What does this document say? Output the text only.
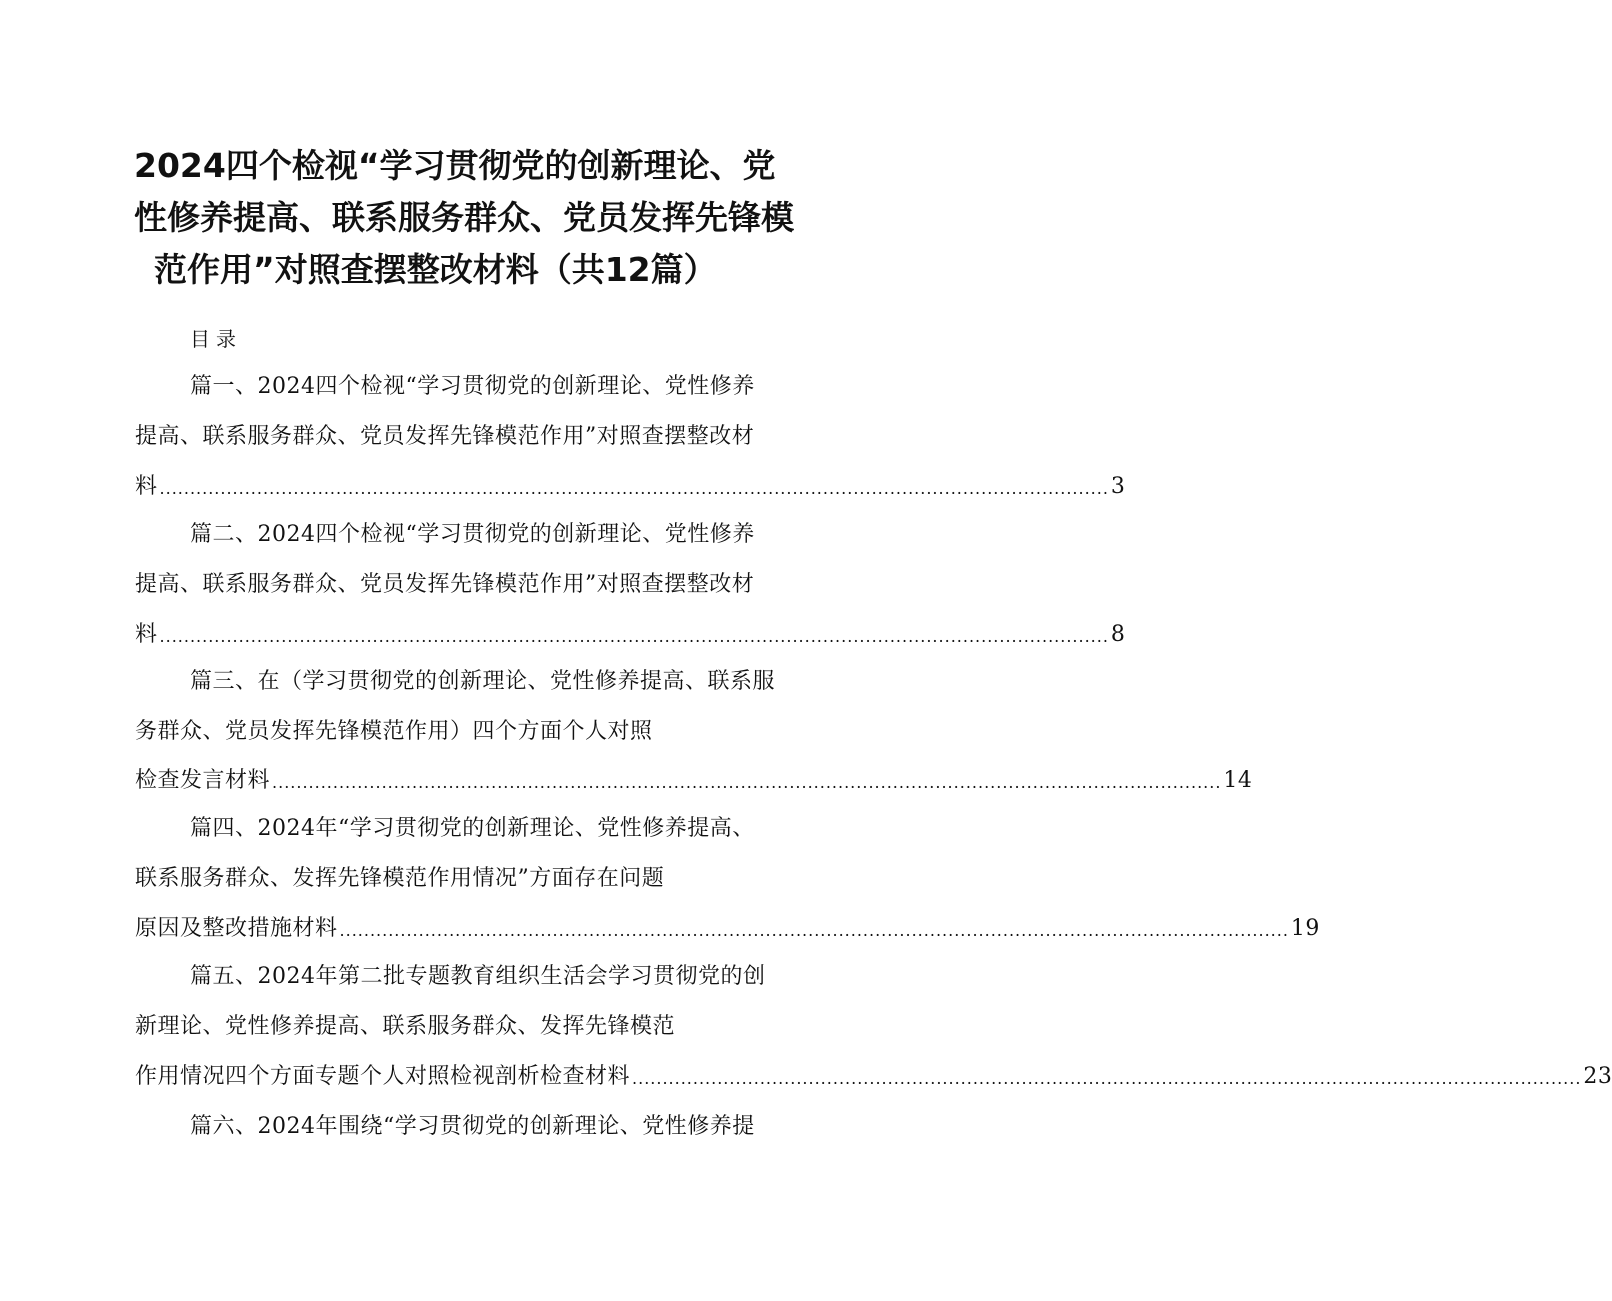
2024四个检视“学习贯彻党的创新理论、党
性修养提高、联系服务群众、党员发挥先锋模
范作用”对照查摆整改材料（共12篇）
目录
篇一、2024四个检视“学习贯彻党的创新理论、党性修养
提高、联系服务群众、党员发挥先锋模范作用”对照查摆整改材
料 ............................................................................................................................................................ 3
篇二、2024四个检视“学习贯彻党的创新理论、党性修养
提高、联系服务群众、党员发挥先锋模范作用”对照查摆整改材
料 ............................................................................................................................................................ 8
篇三、在（学习贯彻党的创新理论、党性修养提高、联系服
务群众、党员发挥先锋模范作用）四个方面个人对照
检查发言材料 ............................................................................................................................................................ 14
篇四、2024年“学习贯彻党的创新理论、党性修养提高、
联系服务群众、发挥先锋模范作用情况”方面存在问题
原因及整改措施材料 ............................................................................................................................................................ 19
篇五、2024年第二批专题教育组织生活会学习贯彻党的创
新理论、党性修养提高、联系服务群众、发挥先锋模范
作用情况四个方面专题个人对照检视剖析检查材料 ............................................................................................................................................................ 23
篇六、2024年围绕“学习贯彻党的创新理论、党性修养提
